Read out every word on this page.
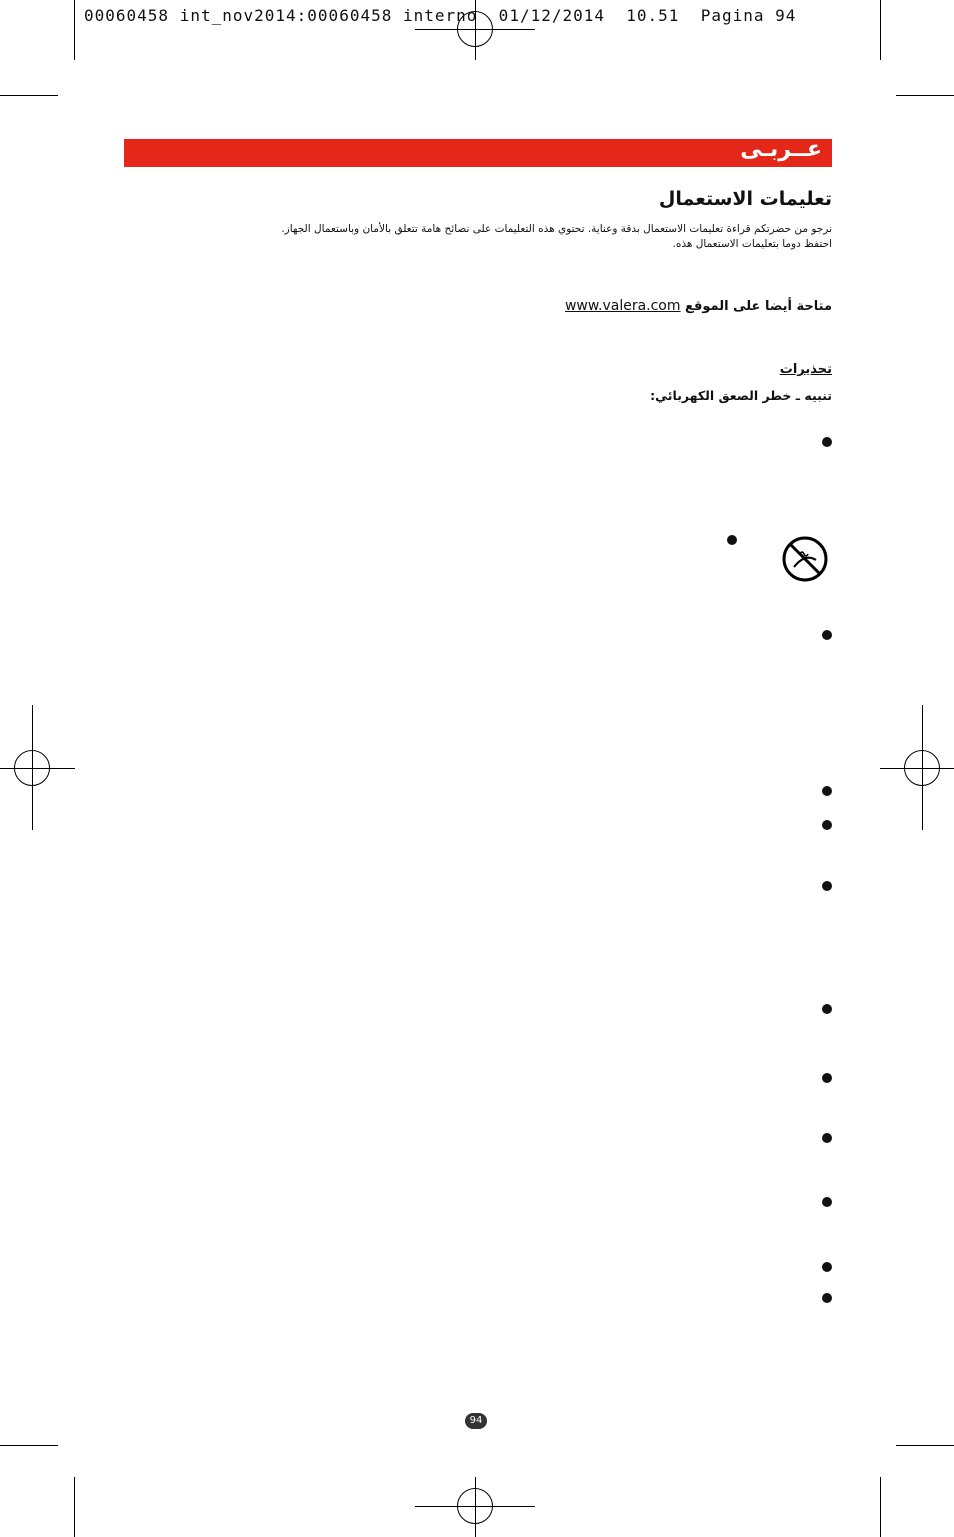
00060458 int_nov2014:00060458 interno  01/12/2014  10.51  Pagina 94
عــربـى
تعليمات الاستعمال
نرجو من حضرتكم قراءة تعليمات الاستعمال بدقة وعناية. تحتوي هذه التعليمات على نصائح هامة تتعلق بالأمان وباستعمال الجهاز.
احتفظ دوما بتعليمات الاستعمال هذه.
متاحة أيضا على الموقع www.valera.com
تحذيرات
تنبيه ـ خطر الصعق الكهربائي:
94
